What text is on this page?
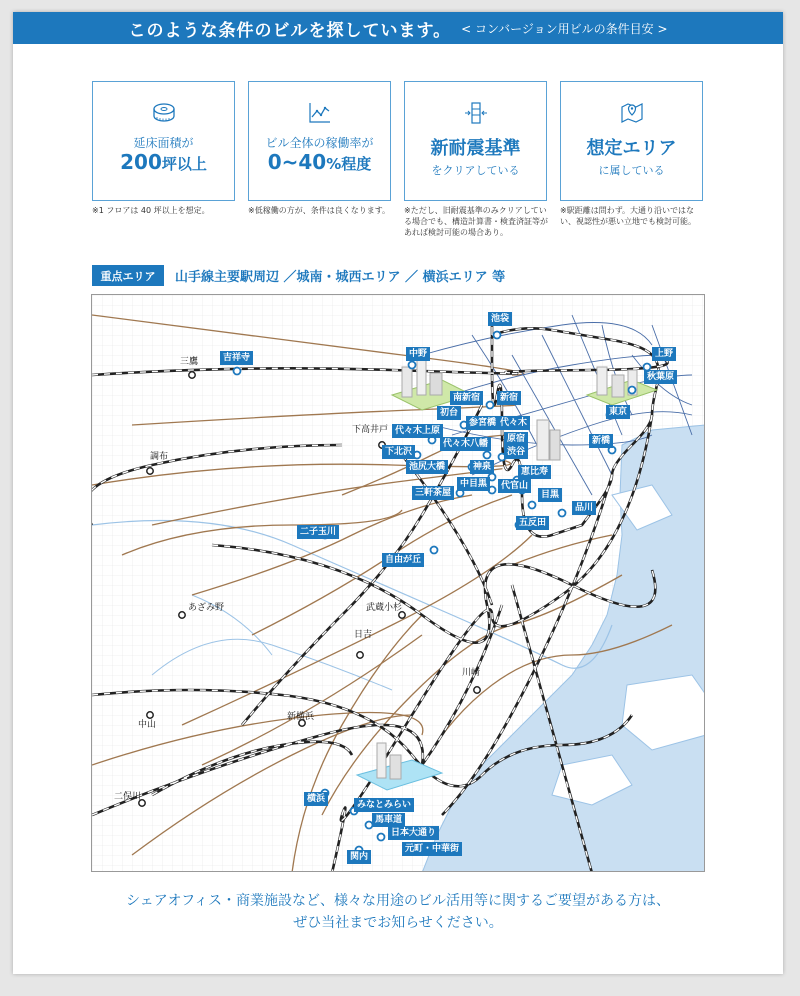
このような条件のビルを探しています。 < コンバージョン用ビルの条件目安 >
延床面積が
200坪以上
ビル全体の稼働率が
0~40%程度
新耐震基準
をクリアしている
想定エリア
に属している
※1 フロアは 40 坪以上を想定。	※低稼働の方が、条件は良くなります。	※ただし、旧耐震基準のみクリアしている場合でも、構造計算書・検査済証等があれば検討可能の場合あり。
※駅距離は問わず。大通り沿いではない、視認性が悪い立地でも検討可能。
重点エリア	山手線主要駅周辺 ／城南・城西エリア ／ 横浜エリア 等
池袋
中野	上野
吉祥寺
秋葉原
南新宿	新宿
初台
参宮橋 代々木
東京
代々木上原
代々木八幡	原宿	新橋
下北沢	渋谷
池尻大橋	神泉	恵比寿
中目黒	代官山
三軒茶屋	目黒
品川
五反田
二子玉川
自由が丘
横浜
みなとみらい
馬車道
日本大通り
元町・中華街
関内
三鷹
下高井戸
調布
あざみ野	武蔵小杉
日吉
川崎
中山
新横浜
二俣川
シェアオフィス・商業施設など、様々な用途のビル活用等に関するご要望がある方は、
ぜひ当社までお知らせください。
